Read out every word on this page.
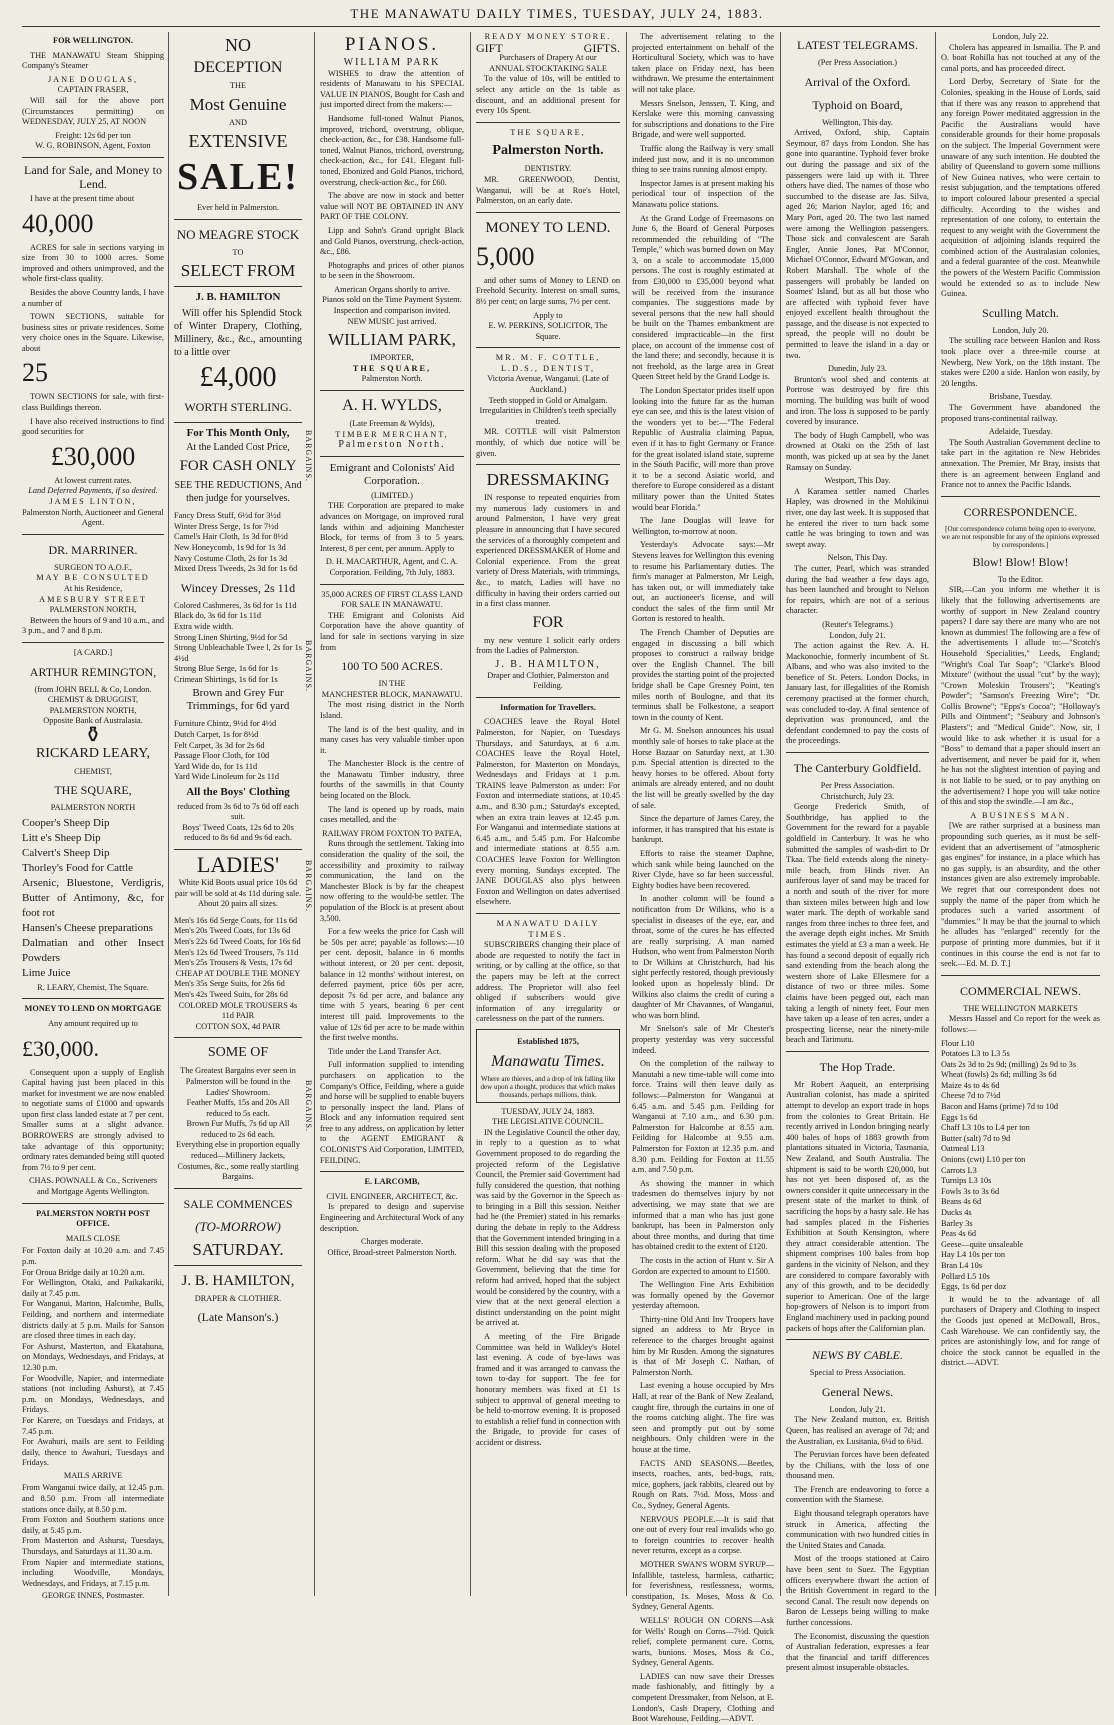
THE MANAWATU DAILY TIMES, TUESDAY, JULY 24, 1883.
FOR WELLINGTON.

THE MANAWATU Steam Shipping Company's Steamer

JANE DOUGLAS,
CAPTAIN FRASER,

Will sail for the above port (Circumstances permitting) on WEDNESDAY, JULY 25, AT NOON

Freight: 12s 6d per ton
W. G. ROBINSON, Agent, Foxton
Land for Sale, and Money to Lend.

I have at the present time about

40,000

ACRES for sale in sections varying in size from 30 to 1000 acres. Some improved and others unimproved, and the whole first-class quality.

Besides the above Country lands, I have a number of

TOWN SECTIONS, suitable for business sites or private residences. Some very choice ones in the Square. Likewise, about

25

TOWN SECTIONS for sale, with first-class Buildings thereon.

I have also received instructions to find good securities for

£30,000
At lowest current rates.
Land Deferred Payments, if so desired.
JAMES LINTON,
Palmerston North, Auctioneer and General Agent.
DR. MARRINER.
SURGEON TO A.O.F.,
MAY BE CONSULTED
At his Residence,
AMESBURY STREET
PALMERSTON NORTH,

Between the hours of 9 and 10 a.m., and 3 p.m., and 7 and 8 p.m.

[A CARD.]
ARTHUR REMINGTON,
(from JOHN BELL & Co, London.
CHEMIST & DRUGGIST,
PALMERSTON NORTH,
Opposite Bank of Australasia.
⚱
RICKARD LEARY,
CHEMIST,
THE SQUARE,
PALMERSTON NORTH
Cooper's Sheep Dip
Litt e's Sheep Dip
Calvert's Sheep Dip
Thorley's Food for Cattle
Arsenic, Bluestone, Verdigris, Butter of Antimony, &c, for foot rot
Hansen's Cheese preparations
Dalmatian and other Insect Powders
Lime Juice
R. LEARY, Chemist, The Square.
MONEY TO LEND ON MORTGAGE
Any amount required up to
£30,000.

Consequent upon a supply of English Capital having just been placed in this market for investment we are now enabled to negotiate sums of £1000 and upwards upon first class landed estate at 7 per cent. Smaller sums at a slight advance. BORROWERS are strongly advised to take advantage of this opportunity; ordinary rates demanded being still quoted from 7½ to 9 per cent.

CHAS. POWNALL & Co., Scriveners and Mortgage Agents Wellington.
PALMERSTON NORTH POST OFFICE.
MAILS CLOSE
For Foxton daily at 10.20 a.m. and 7.45 p.m.
For Oroua Bridge daily at 10.20 a.m.
For Wellington, Otaki, and Paikakariki, daily at 7.45 p.m.
For Wanganui, Marton, Halcombe, Bulls, Feilding, and northern and intermediate districts daily at 5 p.m. Mails for Sanson are closed three times in each day.
For Ashurst, Masterton, and Ekatahuna, on Mondays, Wednesdays, and Fridays, at 12.30 p.m.
For Woodville, Napier, and intermediate stations (not including Ashurst), at 7.45 p.m. on Mondays, Wednesdays, and Fridays.
For Karere, on Tuesdays and Fridays, at 7.45 p.m.
For Awahuri, mails are sent to Feilding daily, thence to Awahuri, Tuesdays and Fridays.
MAILS ARRIVE
From Wanganui twice daily, at 12.45 p.m. and 8.50 p.m. From all intermediate stations once daily, at 8.50 p.m.
From Foxton and Southern stations once daily, at 5.45 p.m.
From Masterton and Ashurst, Tuesdays, Thursdays, and Saturdays at 11.30 a.m.
From Napier and intermediate stations, including Woodville, Mondays, Wednesdays, and Fridays, at 7.15 p.m.
GEORGE INNES, Postmaster.
NO
DECEPTION
THE
Most Genuine
AND
EXTENSIVE
SALE!
Ever held in Palmerston.
NO MEAGRE STOCK
TO
SELECT FROM
J. B. HAMILTON

Will offer his Splendid Stock of Winter Drapery, Clothing, Millinery, &c., &c., amounting to a little over

£4,000
WORTH STERLING.
For This Month Only,
At the Landed Cost Price,
FOR CASH ONLY
SEE THE REDUCTIONS, And then judge for yourselves.
Fancy Dress Stuff, 6½d for 3½d
Winter Dress Serge, 1s for 7½d
Camel's Hair Cloth, 1s 3d for 8½d
New Honeycomb, 1s 9d for 1s 3d
Navy Costume Cloth, 2s for 1s 3d
Mixed Dress Tweeds, 2s 3d for 1s 6d
Wincey Dresses, 2s 11d
Colored Cashmeres, 3s 6d for 1s 11d
Black do, 3s 6d for 1s 11d
Extra wide width.
Strong Linen Shirting, 9½d for 5d
Strong Unbleachable Twee l, 2s for 1s 4½d
Strong Blue Serge, 1s 6d for 1s
Crimean Shirtings, 1s 6d for 1s
Brown and Grey Fur Trimmings, for 6d yard
Furniture Chintz, 9½d for 4½d
Dutch Carpet, 1s for 8½d
Felt Carpet, 3s 3d for 2s 6d
Passage Floor Cloth, for 10d
Yard Wide do, for 1s 11d
Yard Wide Linoleum for 2s 11d
All the Boys' Clothing
reduced from 3s 6d to 7s 6d off each suit.
Boys' Tweed Coats, 12s 6d to 20s reduced to 8s 6d and 9s 6d each.
LADIES'
White Kid Boots usual price 10s 6d pair will be sold at 4s 11d during sale. About 20 pairs all sizes.
Men's 16s 6d Serge Coats, for 11s 6d
Men's 20s Tweed Coats, for 13s 6d
Men's 22s 6d Tweed Coats, for 16s 6d
Men's 12s 6d Tweed Trousers, 7s 11d
Men's 25s Trousers & Vests, 17s 6d
CHEAP AT DOUBLE THE MONEY
Men's 35s Serge Suits, for 26s 6d
Men's 42s Tweed Suits, for 28s 6d
COLORED MOLE TROUSERS 4s 11d PAIR
COTTON SOX, 4d PAIR
SOME OF
The Greatest Bargains ever seen in Palmerston will be found in the Ladies' Showroom.
Feather Muffs, 15s and 20s All reduced to 5s each.
Brown Fur Muffs, 7s 6d up All reduced to 2s 6d each.
Everything else in proportion equally reduced—Millinery Jackets, Costumes, &c., some really startling Bargains.
SALE COMMENCES
(TO-MORROW)
SATURDAY.
J. B. HAMILTON,
DRAPER & CLOTHIER.
(Late Manson's.)
BARGAINS.
BARGAINS.
BARGAINS.
BARGAINS.
PIANOS.
WILLIAM PARK

WISHES to draw the attention of residents of Manawatu to his SPECIAL VALUE IN PIANOS, Bought for Cash and just imported direct from the makers:—

Handsome full-toned Walnut Pianos, improved, trichord, overstrung, oblique, check-action, &c., for £38. Handsome full-toned, Walnut Pianos, trichord, overstrung, check-action, &c., for £41. Elegant full-toned, Ebonized and Gold Pianos, trichord, overstrung, check-action &c., for £60.

The above are now in stock and better value will NOT BE OBTAINED IN ANY PART OF THE COLONY.

Lipp and Sohn's Grand upright Black and Gold Pianos, overstrung, check-action, &c., £86.

Photographs and prices of other pianos to be seen in the Showroom.

American Organs shortly to arrive.
Pianos sold on the Time Payment System.
Inspection and comparison invited.
NEW MUSIC just arrived.
WILLIAM PARK,
IMPORTER,
THE SQUARE,
Palmerston North.
A. H. WYLDS,
(Late Freeman & Wylds),
TIMBER MERCHANT,
Palmerston North.
Emigrant and Colonists' Aid Corporation.
(LIMITED.)

THE Corporation are prepared to make advances on Mortgage, on improved rural lands within and adjoining Manchester Block, for terms of from 3 to 5 years. Interest, 8 per cent, per annum. Apply to

D. H. MACARTHUR, Agent, and C. A. Corporation. Feilding, 7th July, 1883.
35,000 ACRES OF FIRST CLASS LAND FOR SALE IN MANAWATU.

THE Emigrant and Colonists Aid Corporation have the above quantity of land for sale in sections varying in size from

100 TO 500 ACRES.
IN THE
MANCHESTER BLOCK, MANAWATU.

The most rising district in the North Island.

The land is of the best quality, and in many cases has very valuable timber upon it.

The Manchester Block is the centre of the Manawatu Timber industry, three fourths of the sawmills in that County being located on the Block.

The land is opened up by roads, main cases metalled, and the

RAILWAY FROM FOXTON TO PATEA,

Runs through the settlement. Taking into consideration the quality of the soil, the accessibility and proximity to railway communication, the land on the Manchester Block is by far the cheapest now offering to the would-be settler. The population of the Block is at present about 3,500.

For a few weeks the price for Cash will be 50s per acre; payable as follows:—10 per cent. deposit, balance in 6 months without interest, or 20 per cent. deposit, balance in 12 months' without interest, on deferred payment, price 60s per acre, deposit 7s 6d per acre, and balance any time with 5 years, bearing 6 per cent interest till paid. Improvements to the value of 12s 6d per acre to be made within the first twelve months.

Title under the Land Transfer Act.

Full information supplied to intending purchasers on application to the Company's Office, Feilding, where a guide and horse will be supplied to enable buyers to personally inspect the land. Plans of Block and any information required sent free to any address, on application by letter to the AGENT EMIGRANT & COLONIST'S Aid Corporation, LIMITED, FEILDING.

E. LARCOMB,
CIVIL ENGINEER, ARCHITECT, &c.

Is prepared to design and supervise Engineering and Architectural Work of any description.

Charges moderate.
Office, Broad-street Palmerston North.
READY MONEY STORE.
GIFT	GIFTS.
Purchasers of Drapery At our
ANNUAL STOCKTAKING SALE

To the value of 10s, will be entitled to select any article on the 1s table as discount, and an additional present for every 10s Spent.

THE SQUARE,
Palmerston North.
DENTISTRY.

MR. GREENWOOD, Dentist, Wanganui, will be at Roe's Hotel, Palmerston, on an early date.

MONEY TO LEND.
5,000

and other sums of Money to LEND on Freehold Security. Interest on small sums, 8½ per cent; on large sums, 7½ per cent.

Apply to
E. W. PERKINS, SOLICITOR, The Square.
MR. M. F. COTTLE, L.D.S., DENTIST,
Victoria Avenue, Wanganui. (Late of Auckland.)
Teeth stopped in Gold or Amalgam.
Irregularities in Children's teeth specially treated.

MR. COTTLE will visit Palmerston monthly, of which due notice will be given.

DRESSMAKING

IN response to repeated enquiries from my numerous lady customers in and around Palmerston, I have very great pleasure in announcing that I have secured the services of a thoroughly competent and experienced DRESSMAKER of Home and Colonial experience. From the great variety of Dress Materials, with trimmings, &c., to match, Ladies will have no difficulty in having their orders carried out in a first class manner.

FOR

my new venture I solicit early orders from the Ladies of Palmerston.

J. B. HAMILTON,
Draper and Clothier, Palmerston and Feilding.
Information for Travellers.

COACHES leave the Royal Hotel Palmerston, for Napier, on Tuesdays Thursdays, and Saturdays, at 6 a.m. COACHES leave the Royal Hotel, Palmerston, for Masterton on Mondays, Wednesdays and Fridays at 1 p.m. TRAINS leave Palmerston as under: For Foxton and intermediate stations, at 10.45 a.m., and 8.30 p.m.; Saturday's excepted, when an extra train leaves at 12.45 p.m. For Wanganui and intermediate stations at 6.45 a.m., and 5.45 p.m. For Halcombe and intermediate stations at 8.55 a.m. COACHES leave Foxton for Wellington every morning, Sundays excepted. The JANE DOUGLAS also plys between Foxton and Wellington on dates advertised elsewhere.

MANAWATU DAILY TIMES.

SUBSCRIBERS changing their place of abode are requested to notify the fact in writing, or by calling at the office, so that the papers may be left at the correct address. The Proprietor will also feel obliged if subscribers would give information of any irregularity or carelessness on the part of the runners.

Established 1875,
Manawatu Times.
Where are thieves, and a drop of ink falling like dew upon a thought, produces that which makes thousands, perhaps millions, think.
TUESDAY, JULY 24, 1883.
THE LEGISLATIVE COUNCIL.

IN the Legislative Council the other day, in reply to a question as to what Government proposed to do regarding the projected reform of the Legislative Council, the Premier said Government had fully considered the question, that nothing was said by the Governor in the Speech as to bringing in a Bill this session. Neither had he (the Premier) stated in his remarks during the debate in reply to the Address that the Government intended bringing in a Bill this session dealing with the proposed reform. What he did say was that the Government, believing that the time for reform had arrived, hoped that the subject would be considered by the country, with a view that at the next general election a distinct understanding on the point might be arrived at.

A meeting of the Fire Brigade Committee was held in Walkley's Hotel last evening. A code of bye-laws was framed and it was arranged to canvass the town to-day for support. The fee for honorary members was fixed at £1 1s subject to approval of general meeting to be held to-morrow evening. It is proposed to establish a relief fund in connection with the Brigade, to provide for cases of accident or distress.

The advertisement relating to the projected entertainment on behalf of the Horticultural Society, which was to have taken place on Friday next, has been withdrawn. We presume the entertainment will not take place.

Messrs Snelson, Jenssen, T. King, and Kerslake were this morning canvassing for subscriptions and donations to the Fire Brigade, and were well supported.

Traffic along the Railway is very small indeed just now, and it is no uncommon thing to see trains running almost empty.

Inspector James is at present making his periodical tour of inspection of the Manawatu police stations.

At the Grand Lodge of Freemasons on June 6, the Board of General Purposes recommended the rebuilding of "The Temple," which was burned down on May 3, on a scale to accommodate 15,000 persons. The cost is roughly estimated at from £30,000 to £35,000 beyond what will be received from the insurance companies. The suggestions made by several persons that the new hall should be built on the Thames embankment are considered impracticable—in the first place, on account of the immense cost of the land there; and secondly, because it is not freehold, as the large area in Great Queen Street held by the Grand Lodge is.

The London Spectator prides itself upon looking into the future far as the human eye can see, and this is the latest vision of the wonders yet to be:—"The Federal Republic of Australia claiming Papua, even if it has to fight Germany or France for the great isolated island state, supreme in the South Pacific, will more than prove it to be a second Asiatic world, and therefore to Europe considered as a distant military power than the United States would bear Florida."

The Jane Douglas will leave for Wellington, to-morrow at noon.

Yesterday's Advocate says:—Mr Stevens leaves for Wellington this evening to resume his Parliamentary duties. The firm's manager at Palmerston, Mr Leigh, has taken out, or will immediately take out, an auctioneer's license, and will conduct the sales of the firm until Mr Gorton is restored to health.

The French Chamber of Deputies are engaged in discussing a bill which proposes to construct a railway bridge over the English Channel. The bill provides the starting point of the projected bridge shall be Cape Gresney Point, ten miles north of Boulogne, and that its terminus shall be Folkestone, a seaport town in the county of Kent.

Mr G. M. Snelson announces his usual monthly sale of horses to take place at the Horse Bazaar on Saturday next, at 1.30 p.m. Special attention is directed to the heavy horses to be offered. About forty animals are already entered, and no doubt the list will be greatly swelled by the day of sale.

Since the departure of James Carey, the informer, it has transpired that his estate is bankrupt.

Efforts to raise the steamer Daphne, which sank while being launched on the River Clyde, have so far been successful. Eighty bodies have been recovered.

In another column will be found a notification from Dr Wilkins, who is a specialist in diseases of the eye, ear, and throat, some of the cures he has effected are really surprising. A man named Hudson, who went from Palmerston North to Dr Wilkins at Christchurch, had his sight perfectly restored, though previously looked upon as hopelessly blind. Dr Wilkins also claims the credit of curing a daughter of Mr Chavannes, of Wanganui, who was born blind.

Mr Snelson's sale of Mr Chester's property yesterday was very successful indeed.

On the completion of the railway to Manutahi a new time-table will come into force. Trains will then leave daily as follows:—Palmerston for Wanganui at 6.45 a.m. and 5.45 p.m. Feilding for Wanganui at 7.10 a.m., and 6.30 p.m. Palmerston for Halcombe at 8.55 a.m. Feilding for Halcombe at 9.55 a.m. Palmerston for Foxton at 12.35 p.m. and 8.30 p.m. Feilding for Foxton at 11.55 a.m. and 7.50 p.m.

As showing the manner in which tradesmen do themselves injury by not advertising, we may state that we are informed that a man who has just gone bankrupt, has been in Palmerston only about three months, and during that time has obtained credit to the extent of £120.

The costs in the action of Hunt v. Sir A Gordon are expected to amount to £1500.

The Wellington Fine Arts Exhibition was formally opened by the Governor yesterday afternoon.

Thirty-nine Old Anti Inv Troopers have signed an address to Mr Bryce in reference to the charges brought against him by Mr Rusden. Among the signatures is that of Mr Joseph C. Nathan, of Palmerston North.

Last evening a house occupied by Mrs Hall, at rear of the Bank of New Zealand, caught fire, through the curtains in one of the rooms catching alight. The fire was seen and promptly put out by some neighbours. Only children were in the house at the time.

FACTS AND SEASONS.—Beetles, insects, roaches, ants, bed-bugs, rats, mice, gophers, jack rabbits, cleared out by Rough on Rats. 7½d. Moss, Moss and Co., Sydney, General Agents.

NERVOUS PEOPLE.—It is said that one out of every four real invalids who go to foreign countries to recover health never returns, except as a corpse.

MOTHER SWAN'S WORM SYRUP—Infallible, tasteless, harmless, cathartic; for feverishness, restlessness, worms, constipation, 1s. Moses, Moss & Co. Sydney, General Agents.

WELLS' ROUGH ON CORNS—Ask for Wells' Rough on Corns—7½d. Quick relief, complete permanent cure. Corns, warts, bunions. Moses, Moss & Co., Sydney, General Agents.

LADIES can now save their Dresses made fashionably, and fittingly by a competent Dressmaker, from Nelson, at E. London's, Cash Drapery, Clothing and Boot Warehouse, Feilding.—ADVT.

LATEST TELEGRAMS.
(Per Press Association.)
Arrival of the Oxford.
Typhoid on Board,
Wellington, This day.

Arrived, Oxford, ship, Captain Seymour, 87 days from London. She has gone into quarantine. Typhoid fever broke out during the passage and six of the passengers were laid up with it. Three others have died. The names of those who succumbed to the disease are Jas. Silva, aged 26; Marion Naylor, aged 16; and Mary Port, aged 20. The two last named were among the Wellington passengers. Those sick and convalescent are Sarah Engler, Annie Jones, Pat M'Connor, Michael O'Connor, Edward M'Gowan, and Robert Marshall. The whole of the passengers will probably be landed on Soames' Island, but as all but those who are affected with typhoid fever have enjoyed excellent health throughout the passage, and the disease is not expected to spread, the people will no doubt be permitted to leave the island in a day or two.

Dunedin, July 23.

Brunton's wool shed and contents at Portrose was destroyed by fire this morning. The building was built of wood and iron. The loss is supposed to be partly covered by insurance.

The body of Hugh Campbell, who was drowned at Otaki on the 25th of last month, was picked up at sea by the Janet Ramsay on Sunday.

Westport, This Day.

A Karamea settler named Charles Hapley, was drowned in the Mohikinui river, one day last week. It is supposed that he entered the river to turn back some cattle he was bringing to town and was swept away.

Nelson, This Day.

The cutter, Pearl, which was stranded during the bad weather a few days ago, has been launched and brought to Nelson for repairs, which are not of a serious character.

(Reuter's Telegrams.)
London, July 21.

The action against the Rev. A. H. Mackonochie, formerly incumbent of St. Albans, and who was also invited to the benefice of St. Peters. London Docks, in January last, for illegalities of the Romish ceremony practised at the former church, was concluded to-day. A final sentence of deprivation was pronounced, and the defendant condemned to pay the costs of the proceedings.

The Canterbury Goldfield.
Per Press Association.
Christchurch, July 23.

George Frederick Smith, of Southbridge, has applied to the Government for the reward for a payable goldfield in Canterbury. It was he who submitted the samples of wash-dirt to Dr Tkaa. The field extends along the ninety-mile beach, from Hinds river. An auriferous layer of sand may be traced for a north and south of the river for more than sixteen miles between high and low water mark. The depth of workable sand ranges from three inches to three feet, and the average depth eight inches. Mr Smith estimates the yield at £3 a man a week. He has found a second deposit of equally rich sand extending from the beach along the western shore of Lake Ellesmere for a distance of two or three miles. Some claims have been pegged out, each man taking a length of ninety feet. Four men have taken up a lease of ten acres, under a prospecting license, near the ninety-mile beach and Tarimutu.

The Hop Trade.

Mr Robert Aaqueit, an enterprising Australian colonist, has made a spirited attempt to develop an export trade in hops from the colonies to Great Britain. He recently arrived in London bringing nearly 400 bales of hops of 1883 growth from plantations situated in Victoria, Tasmania, New Zealand, and South Australia. The shipment is said to be worth £20,000, but has not yet been disposed of, as the owners consider it quite unnecessary in the present state of the market to think of sacrificing the hops by a hasty sale. He has had samples placed in the Fisheries Exhibition at South Kensington, where they attract considerable attention. The shipment comprises 100 bales from hop gardens in the vicinity of Nelson, and they are considered to compare favorably with any of this growth, and to be decidedly superior to American. One of the large hop-growers of Nelson is to import from England machinery used in packing pound packets of hops after the Californian plan.

NEWS BY CABLE.
Special to Press Association.
General News.
London, July 21.

The New Zealand mutton, ex. British Queen, has realised an average of 7d; and the Australian, ex Lusitania, 6¼d to 6¾d.

The Peruvian forces have been defeated by the Chilians, with the loss of one thousand men.

The French are endeavoring to force a convention with the Siamese.

Eight thousand telegraph operators have struck in America, affecting the communication with two hundred cities in the United States and Canada.

Most of the troops stationed at Cairo have been sent to Suez. The Egyptian officers everywhere thwart the action of the British Government in regard to the second Canal. The result now depends on Baron de Lesseps being willing to make further concessions.

The Economist, discussing the question of Australian federation, expresses a fear that the financial and tariff differences present almost insuperable obstacles.

London, July 22.

Cholera has appeared in Ismailia. The P. and O. boat Rohilla has not touched at any of the canal ports, and has proceeded direct.

Lord Derby, Secretary of State for the Colonies, speaking in the House of Lords, said that if there was any reason to apprehend that any foreign Power meditated aggression in the Pacific the Australians would have considerable grounds for their home proposals on the subject. The Imperial Government were unaware of any such intention. He doubted the ability of Queensland to govern some millions of New Guinea natives, who were certain to resist subjugation, and the temptations offered to import coloured labour presented a special difficulty. According to the wishes and representation of one colony, to entertain the request to any weight with the Government the acquisition of adjoining islands required the combined action of the Australasian colonies, and a federal guarantee of the cost. Meanwhile the powers of the Western Pacific Commission would be extended so as to include New Guinea.

Sculling Match.
London, July 20.

The sculling race between Hanlon and Ross took place over a three-mile course at Newberg, New York, on the 18th instant. The stakes were £200 a side. Hanlon won easily, by 20 lengths.

Brisbane, Tuesday.

The Government have abandoned the proposed trans-continental railway.

Adelaide, Tuesday.

The South Australian Government decline to take part in the agitation re New Hebrides annexation. The Premier, Mr Bray, insists that there is an agreement between England and France not to annex the Pacific Islands.

CORRESPONDENCE.
[Our correspondence column being open to everyone, we are not responsible for any of the opinions expressed by correspondents.]
Blow! Blow! Blow!
To the Editor.

SIR,—Can you inform me whether it is likely that the following advertisements are worthy of support in New Zealand country papers? I dare say there are many who are not known as dummies! The following are a few of the advertisements I allude to:—"Scotch's Household Specialities," Leeds, England; "Wright's Coal Tar Soap"; "Clarke's Blood Mixture" (without the usual "cut" by the way); "Crown Moleskin Trousers"; "Keating's Powder"; "Samson's Freezing Wire"; "Dr. Collis Browne"; "Epps's Cocoa"; "Holloway's Pills and Ointment"; "Seabury and Johnson's Plasters"; and "Medical Guide". Now, sir, I would like to ask whether it is usual for a "Boss" to demand that a paper should insert an advertisement, and never be paid for it, when he has not the slightest intention of paying and is not liable to be sued, or to pay anything on the advertisement? I hope you will take notice of this and stop the swindle.—I am &c.,

A BUSINESS MAN.

[We are rather surprised at a business man propounding such queries, as it must be self-evident that an advertisement of "atmospheric gas engines" for instance, in a place which has no gas supply, is an absurdity, and the other instances given are also extremely improbable. We regret that our correspondent does not supply the name of the paper from which he produces such a varied assortment of "dummies." It may be that the journal to which he alludes has "enlarged" recently for the purpose of printing more dummies, but if it continues in this course the end is not far to seek.—Ed. M. D. T.]

COMMERCIAL NEWS.
THE WELLINGTON MARKETS

Messrs Hassel and Co report for the week as follows:—

Flour L10
Potatoes L3 to L3 5s
Oats 2s 3d to 2s 9d; (milling) 2s 9d to 3s
Wheat (fowls) 2s 6d; milling 3s 6d
Maize 4s to 4s 6d
Cheese 7d to 7½d
Bacon and Hams (prime) 7d to 10d
Eggs 1s 6d
Chaff L3 10s to L4 per ton
Butter (salt) 7d to 9d
Oatmeal L13
Onions (cwt) L10 per ton
Carrots L3
Turnips L3 10s
Fowls 3s to 3s 6d
Beans 4s 6d
Ducks 4s
Barley 3s
Peas 4s 6d
Geese—quite unsaleable
Hay L4 10s per ton
Bran L4 10s
Pollard L5 10s
Eggs, 1s 6d per doz

It would be to the advantage of all purchasers of Drapery and Clothing to inspect the Goods just opened at McDowall, Bros., Cash Warehouse. We can confidently say, the prices are astonishingly low, and for range of choice the stock cannot be equalled in the district.—ADVT.
